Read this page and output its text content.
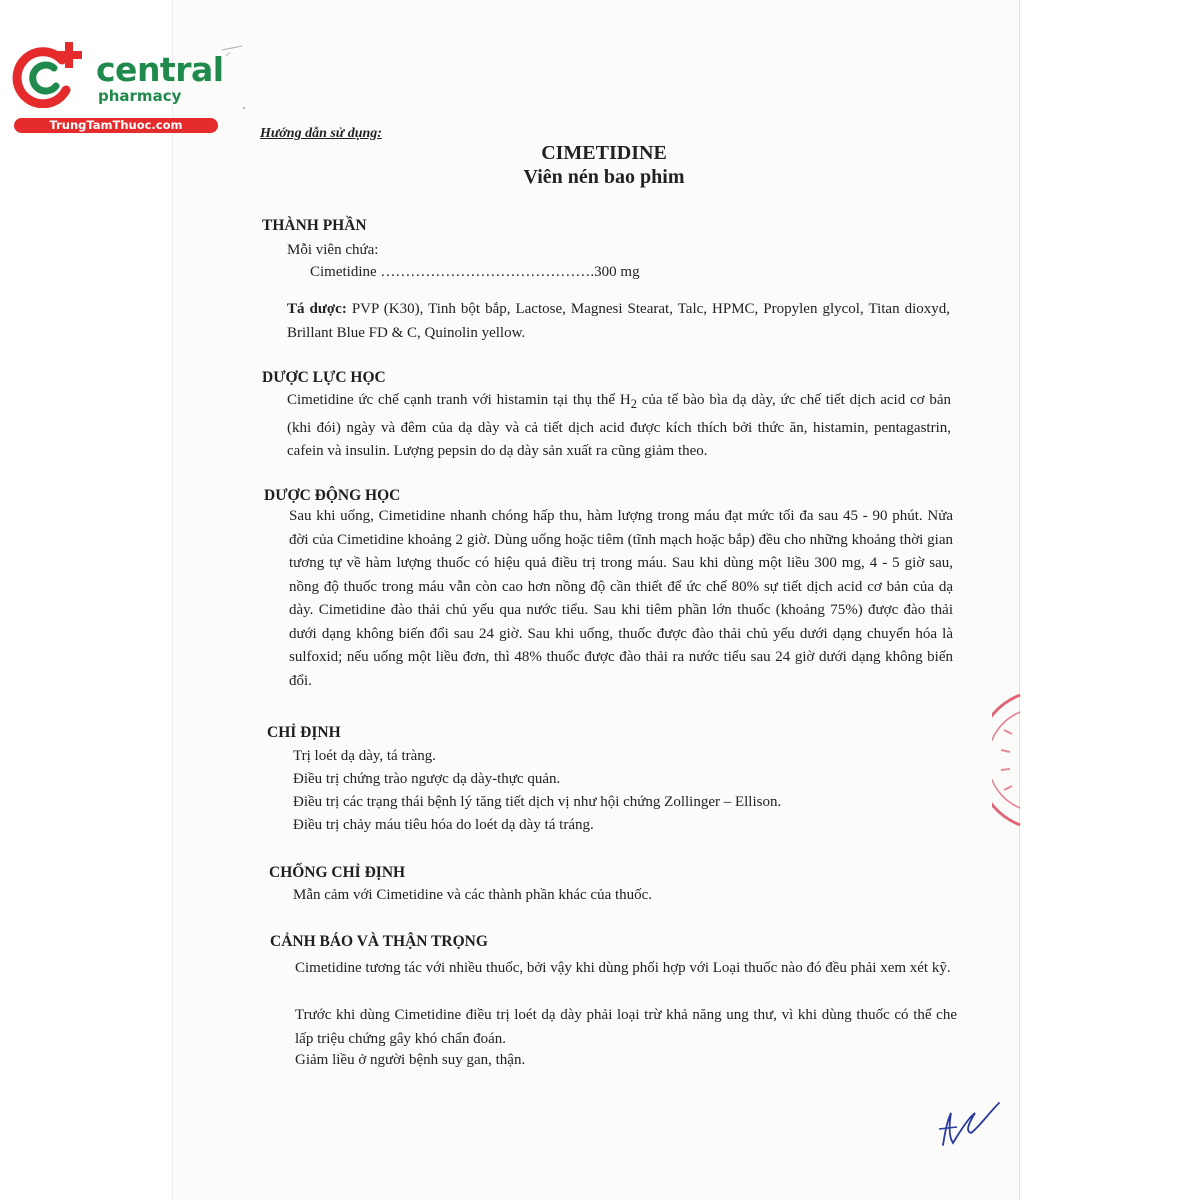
central
pharmacy
TrungTamThuoc.com
Hướng dẫn sử dụng:
CIMETIDINE
Viên nén bao phim
THÀNH PHẦN
Mỗi viên chứa:
Cimetidine …………………………………….300 mg
Tá dược: PVP (K30), Tinh bột bắp, Lactose, Magnesi Stearat, Talc, HPMC, Propylen glycol, Titan dioxyd, Brillant Blue FD & C, Quinolin yellow.
DƯỢC LỰC HỌC
Cimetidine ức chế cạnh tranh với histamin tại thụ thể $H_2$ của tế bào bìa dạ dày, ức chế tiết dịch acid cơ bản (khi đói) ngày và đêm của dạ dày và cả tiết dịch acid được kích thích bởi thức ăn, histamin, pentagastrin, cafein và insulin. Lượng pepsin do dạ dày sản xuất ra cũng giảm theo.
DƯỢC ĐỘNG HỌC
Sau khi uống, Cimetidine nhanh chóng hấp thu, hàm lượng trong máu đạt mức tối đa sau 45 - 90 phút. Nửa đời của Cimetidine khoảng 2 giờ. Dùng uống hoặc tiêm (tĩnh mạch hoặc bắp) đều cho những khoảng thời gian tương tự về hàm lượng thuốc có hiệu quả điều trị trong máu. Sau khi dùng một liều 300 mg, 4 - 5 giờ sau, nồng độ thuốc trong máu vẫn còn cao hơn nồng độ cần thiết để ức chế 80% sự tiết dịch acid cơ bản của dạ dày. Cimetidine đào thải chủ yếu qua nước tiểu. Sau khi tiêm phần lớn thuốc (khoảng 75%) được đào thải dưới dạng không biến đổi sau 24 giờ. Sau khi uống, thuốc được đào thải chủ yếu dưới dạng chuyển hóa là sulfoxid; nếu uống một liều đơn, thì 48% thuốc được đào thải ra nước tiểu sau 24 giờ dưới dạng không biến đổi.
CHỈ ĐỊNH
Trị loét dạ dày, tá tràng.
Điều trị chứng trào ngược dạ dày-thực quản.
Điều trị các trạng thái bệnh lý tăng tiết dịch vị như hội chứng Zollinger – Ellison.
Điều trị chảy máu tiêu hóa do loét dạ dày tá tráng.
CHỐNG CHỈ ĐỊNH
Mẫn cảm với Cimetidine và các thành phần khác của thuốc.
CẢNH BÁO VÀ THẬN TRỌNG
Cimetidine tương tác với nhiều thuốc, bởi vậy khi dùng phối hợp với Loại thuốc nào đó đều phải xem xét kỹ.
Trước khi dùng Cimetidine điều trị loét dạ dày phải loại trừ khả năng ung thư, vì khi dùng thuốc có thể che lấp triệu chứng gây khó chẩn đoán.
Giảm liều ở người bệnh suy gan, thận.
